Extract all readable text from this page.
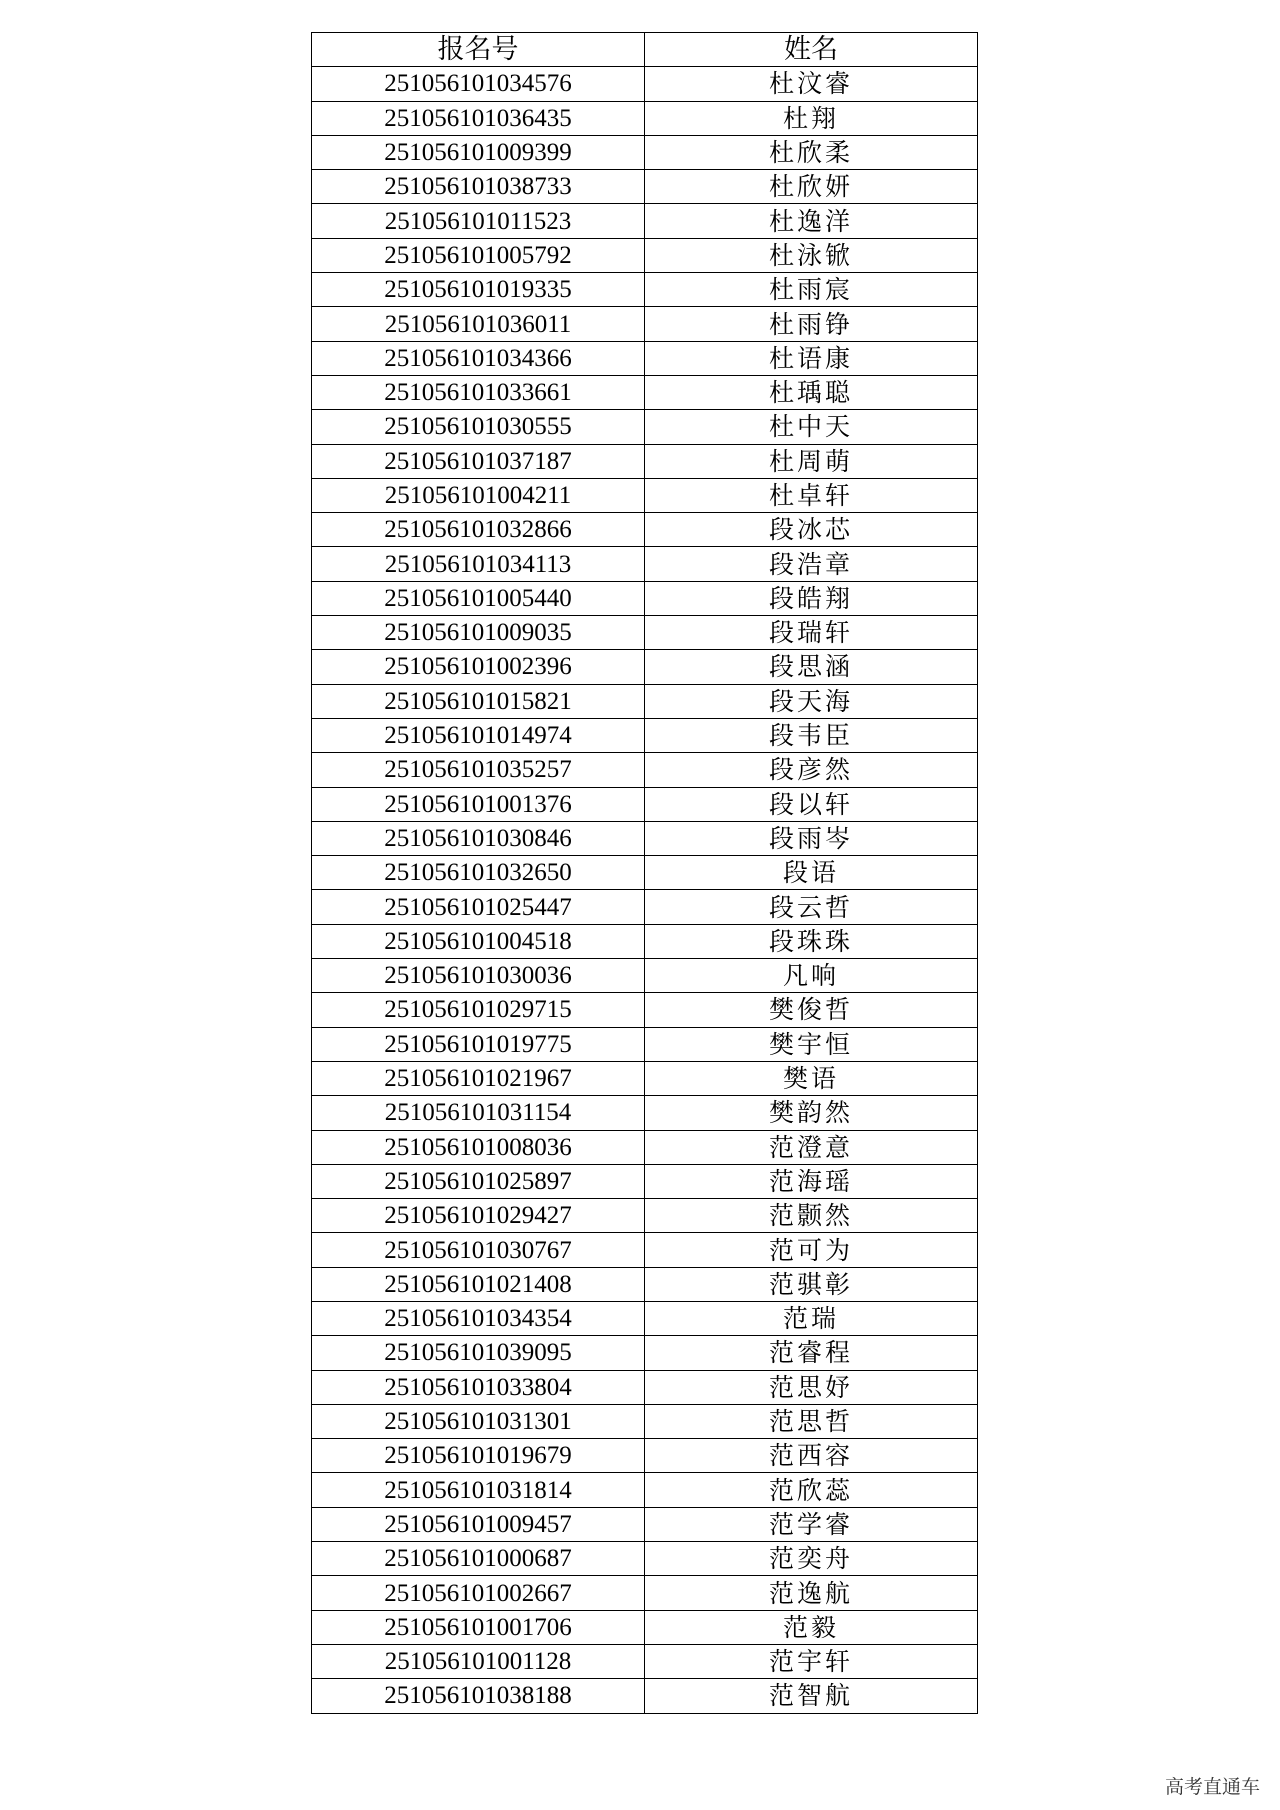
报名号	姓名
251056101034576	杜汶睿
251056101036435	杜翔
251056101009399	杜欣柔
251056101038733	杜欣妍
251056101011523	杜逸洋
251056101005792	杜泳锨
251056101019335	杜雨宸
251056101036011	杜雨铮
251056101034366	杜语康
251056101033661	杜瑀聪
251056101030555	杜中天
251056101037187	杜周萌
251056101004211	杜卓轩
251056101032866	段冰芯
251056101034113	段浩章
251056101005440	段皓翔
251056101009035	段瑞轩
251056101002396	段思涵
251056101015821	段天海
251056101014974	段韦臣
251056101035257	段彦然
251056101001376	段以轩
251056101030846	段雨岑
251056101032650	段语
251056101025447	段云哲
251056101004518	段珠珠
251056101030036	凡响
251056101029715	樊俊哲
251056101019775	樊宇恒
251056101021967	樊语
251056101031154	樊韵然
251056101008036	范澄意
251056101025897	范海瑶
251056101029427	范颢然
251056101030767	范可为
251056101021408	范骐彰
251056101034354	范瑞
251056101039095	范睿程
251056101033804	范思妤
251056101031301	范思哲
251056101019679	范西容
251056101031814	范欣蕊
251056101009457	范学睿
251056101000687	范奕舟
251056101002667	范逸航
251056101001706	范毅
251056101001128	范宇轩
251056101038188	范智航
高考直通车
